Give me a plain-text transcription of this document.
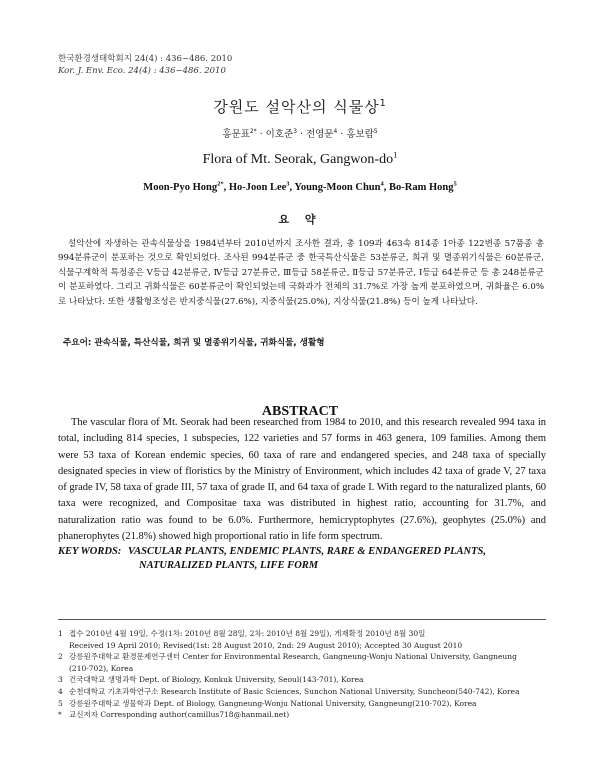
한국환경생태학회지 24(4) : 436~486. 2010
Kor. J. Env. Eco. 24(4) : 436~486. 2010
강원도 설악산의 식물상$^1$
홍문표$^{2*}$ · 이호준$^3$ · 전영문$^4$ · 홍보람$^5$
Flora of Mt. Seorak, Gangwon-$do^1$
Moon-Pyo Hong$^{2*}$, Ho-Joon Lee$^3$, Young-Moon Chun$^4$, Bo-Ram Hong$^5$
요 약
설악산에 자생하는 관속식물상을 1984년부터 2010년까지 조사한 결과, 총 109과 463속 814종 1아종 122변종 57품종 총 994분류군이 분포하는 것으로 확인되었다. 조사된 994분류군 중 한국특산식물은 53분류군, 희귀 및 멸종위기식물은 60분류군, 식물구계학적 특정종은 Ⅴ등급 42분류군, Ⅳ등급 27분류군, Ⅲ등급 58분류군, Ⅱ등급 57분류군, Ⅰ등급 64분류군 등 총 248분류군이 분포하였다. 그리고 귀화식물은 60분류군이 확인되었는데 국화과가 전체의 31.7%로 가장 높게 분포하였으며, 귀화율은 6.0%로 나타났다. 또한 생활형조성은 반지중식물(27.6%), 지중식물(25.0%), 지상식물(21.8%) 등이 높게 나타났다.
주요어: 관속식물, 특산식물, 희귀 및 멸종위기식물, 귀화식물, 생활형
ABSTRACT
The vascular flora of Mt. Seorak had been researched from 1984 to 2010, and this research revealed 994 taxa in total, including 814 species, 1 subspecies, 122 varieties and 57 forms in 463 genera, 109 families. Among them were 53 taxa of Korean endemic species, 60 taxa of rare and endangered species, and 248 taxa of specially designated species in view of floristics by the Ministry of Environment, which includes 42 taxa of grade V, 27 taxa of grade IV, 58 taxa of grade III, 57 taxa of grade II, and 64 taxa of grade I. With regard to the naturalized plants, 60 taxa were recognized, and Compositae taxa was distributed in highest ratio, accounting for 31.7%, and naturalization ratio was found to be 6.0%. Furthermore, hemicryptophytes (27.6%), geophytes (25.0%) and phanerophytes (21.8%) showed high proportional ratio in life form spectrum.
KEY WORDS: VASCULAR PLANTS, ENDEMIC PLANTS, RARE & ENDANGERED PLANTS,
NATURALIZED PLANTS, LIFE FORM
1 접수 2010년 4월 19일, 수정(1차: 2010년 8월 28일, 2차: 2010년 8월 29일), 게재확정 2010년 8월 30일
Received 19 April 2010; Revised(1st: 28 August 2010, 2nd: 29 August 2010); Accepted 30 August 2010
2 강릉원주대학교 환경문제연구센터 Center for Environmental Research, Gangneung-Wonju National University, Gangneung
(210-702), Korea
3 건국대학교 생명과학 Dept. of Biology, Konkuk University, Seoul(143-701), Korea
4 순천대학교 기초과학연구소 Research Institute of Basic Sciences, Sunchon National University, Suncheon(540-742), Korea
5 강릉원주대학교 생물학과 Dept. of Biology, Gangneung-Wonju National University, Gangneung(210-702), Korea
* 교신저자 Corresponding author(camillus718@hanmail.net)
